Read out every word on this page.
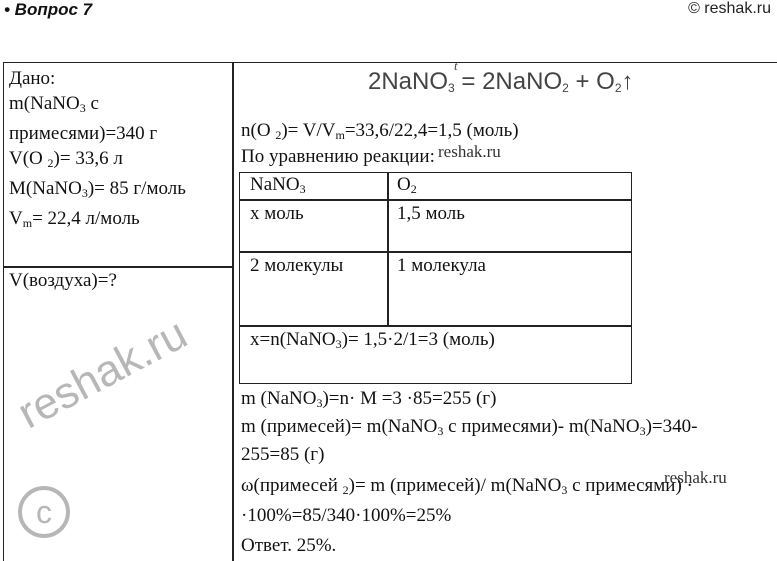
• Вопрос 7	© reshak.ru
Дано:
m(NaNO$_3$ с
примесями)=340 г
V(O $_2$)= 33,6 л
M(NaNO$_3$)= 85 г/моль
$V_m= 22,4$ л/моль
V(воздуха)=?
2NaNO$_3$ =
t
2NaNO$_2$ + $O_2↑$
n(O $_2)= V/V_m=33,6/22,4=1,5$ (моль)
По уравнению реакции:
NaNO$_3$	$O_2$
x моль	1,5 моль
2 молекулы	1 молекула
x=n(NaNO$_3$)= 1,5·2/1=3 (моль)
m (NaNO$_3$)=n· M =3 ·85=255 (г)
m (примесей)= m(NaNO$_3$ с примесями)- m(NaNO$_3$)=340-
255=85 (г)
ω(примесей $_2$)= m (примесей)/ m(NaNO$_3$ с примесями) ·
·100%=85/340·100%=25%
Ответ. 25%.
reshak.ru
reshak.ru
reshak.ru
c
